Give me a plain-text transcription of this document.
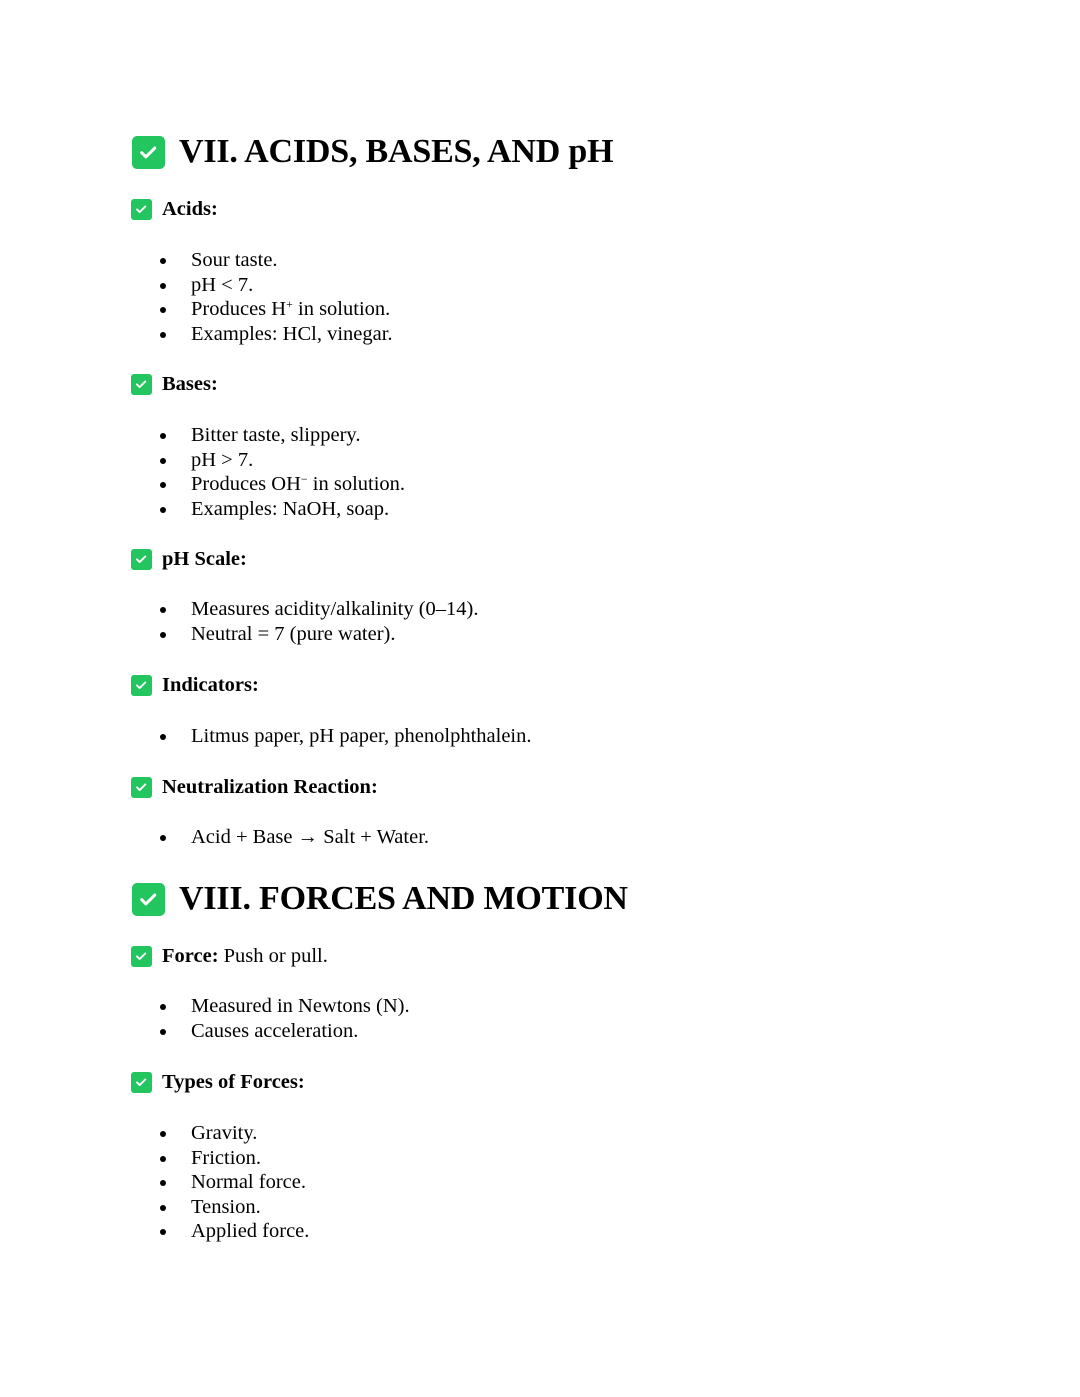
VII. ACIDS, BASES, AND pH
Acids:
Sour taste.
pH < 7.
Produces H+ in solution.
Examples: HCl, vinegar.
Bases:
Bitter taste, slippery.
pH > 7.
Produces OH− in solution.
Examples: NaOH, soap.
pH Scale:
Measures acidity/alkalinity (0–14).
Neutral = 7 (pure water).
Indicators:
Litmus paper, pH paper, phenolphthalein.
Neutralization Reaction:
Acid + Base → Salt + Water.
VIII. FORCES AND MOTION
Force: Push or pull.
Measured in Newtons (N).
Causes acceleration.
Types of Forces:
Gravity.
Friction.
Normal force.
Tension.
Applied force.
